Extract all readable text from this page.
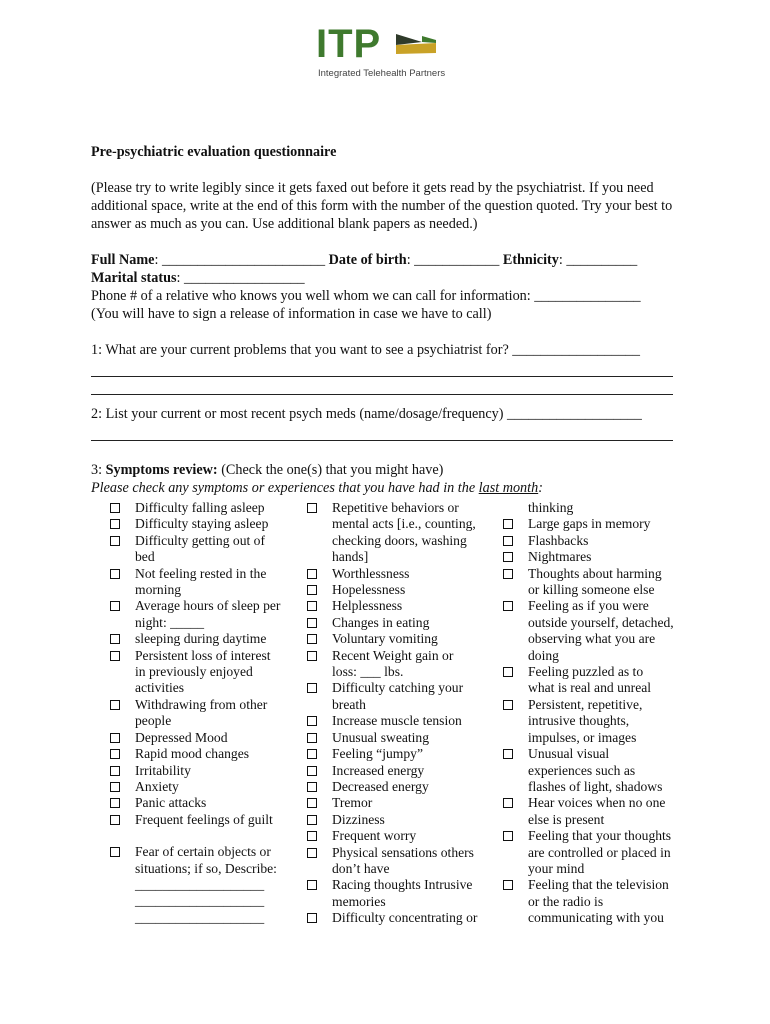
ITP
Integrated Telehealth Partners

Pre-psychiatric evaluation questionnaire

(Please try to write legibly since it gets faxed out before it gets read by the psychiatrist. If you need additional space, write at the end of this form with the number of the question quoted. Try your best to answer as much as you can. Use additional blank papers as needed.)
Full Name: _______________________ Date of birth: ____________ Ethnicity: __________
Marital status: _________________
Phone # of a relative who knows you well whom we can call for information: _______________
(You will have to sign a release of information in case we have to call)
1: What are your current problems that you want to see a psychiatrist for? __________________
2: List your current or most recent psych meds (name/dosage/frequency) ___________________
3: Symptoms review: (Check the one(s) that you might have)
Please check any symptoms or experiences that you have had in the last month:
Difficulty falling asleep
Difficulty staying asleep
Difficulty getting out of
bed
Not feeling rested in the
morning
Average hours of sleep per
night: _____
sleeping during daytime
Persistent loss of interest
in previously enjoyed
activities
Withdrawing from other
people
Depressed Mood
Rapid mood changes
Irritability
Anxiety
Panic attacks
Frequent feelings of guilt
Fear of certain objects or
situations; if so, Describe:
___________________
___________________
___________________
Repetitive behaviors or
mental acts [i.e., counting,
checking doors, washing
hands]
Worthlessness
Hopelessness
Helplessness
Changes in eating
Voluntary vomiting
Recent Weight gain or
loss: ___ lbs.
Difficulty catching your
breath
Increase muscle tension
Unusual sweating
Feeling “jumpy”
Increased energy
Decreased energy
Tremor
Dizziness
Frequent worry
Physical sensations others
don’t have
Racing thoughts Intrusive
memories
Difficulty concentrating or
thinking
Large gaps in memory
Flashbacks
Nightmares
Thoughts about harming
or killing someone else
Feeling as if you were
outside yourself, detached,
observing what you are
doing
Feeling puzzled as to
what is real and unreal
Persistent, repetitive,
intrusive thoughts,
impulses, or images
Unusual visual
experiences such as
flashes of light, shadows
Hear voices when no one
else is present
Feeling that your thoughts
are controlled or placed in
your mind
Feeling that the television
or the radio is
communicating with you
